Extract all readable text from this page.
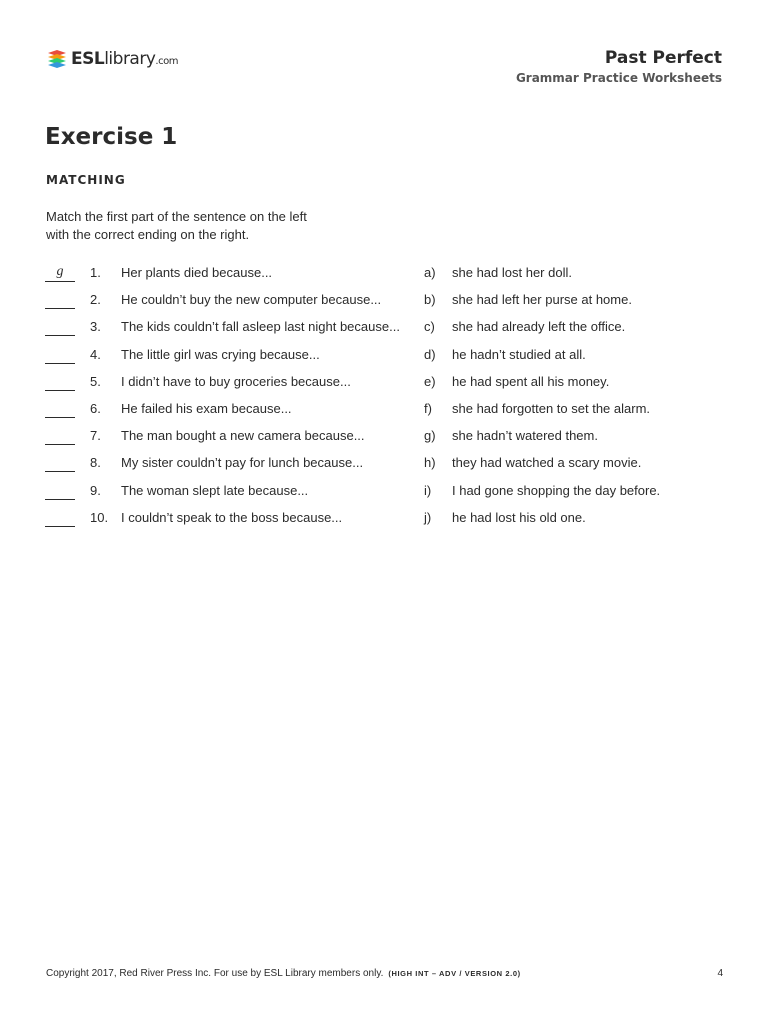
ESLlibrary.com	Past Perfect
Grammar Practice Worksheets
Exercise 1
MATCHING
Match the first part of the sentence on the left
with the correct ending on the right.
g	1. Her plants died because...	a) she had lost her doll.
2. He couldn’t buy the new computer because...	b) she had left her purse at home.
3. The kids couldn’t fall asleep last night because... c) she had already left the office.
4. The little girl was crying because...	d) he hadn’t studied at all.
5. I didn’t have to buy groceries because...	e) he had spent all his money.
6. He failed his exam because...	f) she had forgotten to set the alarm.
7. The man bought a new camera because...	g) she hadn’t watered them.
8. My sister couldn’t pay for lunch because...	h) they had watched a scary movie.
9. The woman slept late because...	i) I had gone shopping the day before.
10. I couldn’t speak to the boss because...	j) he had lost his old one.
Copyright 2017, Red River Press Inc. For use by ESL Library members only. (HIGH INT – ADV / VERSION 2.0)	4
